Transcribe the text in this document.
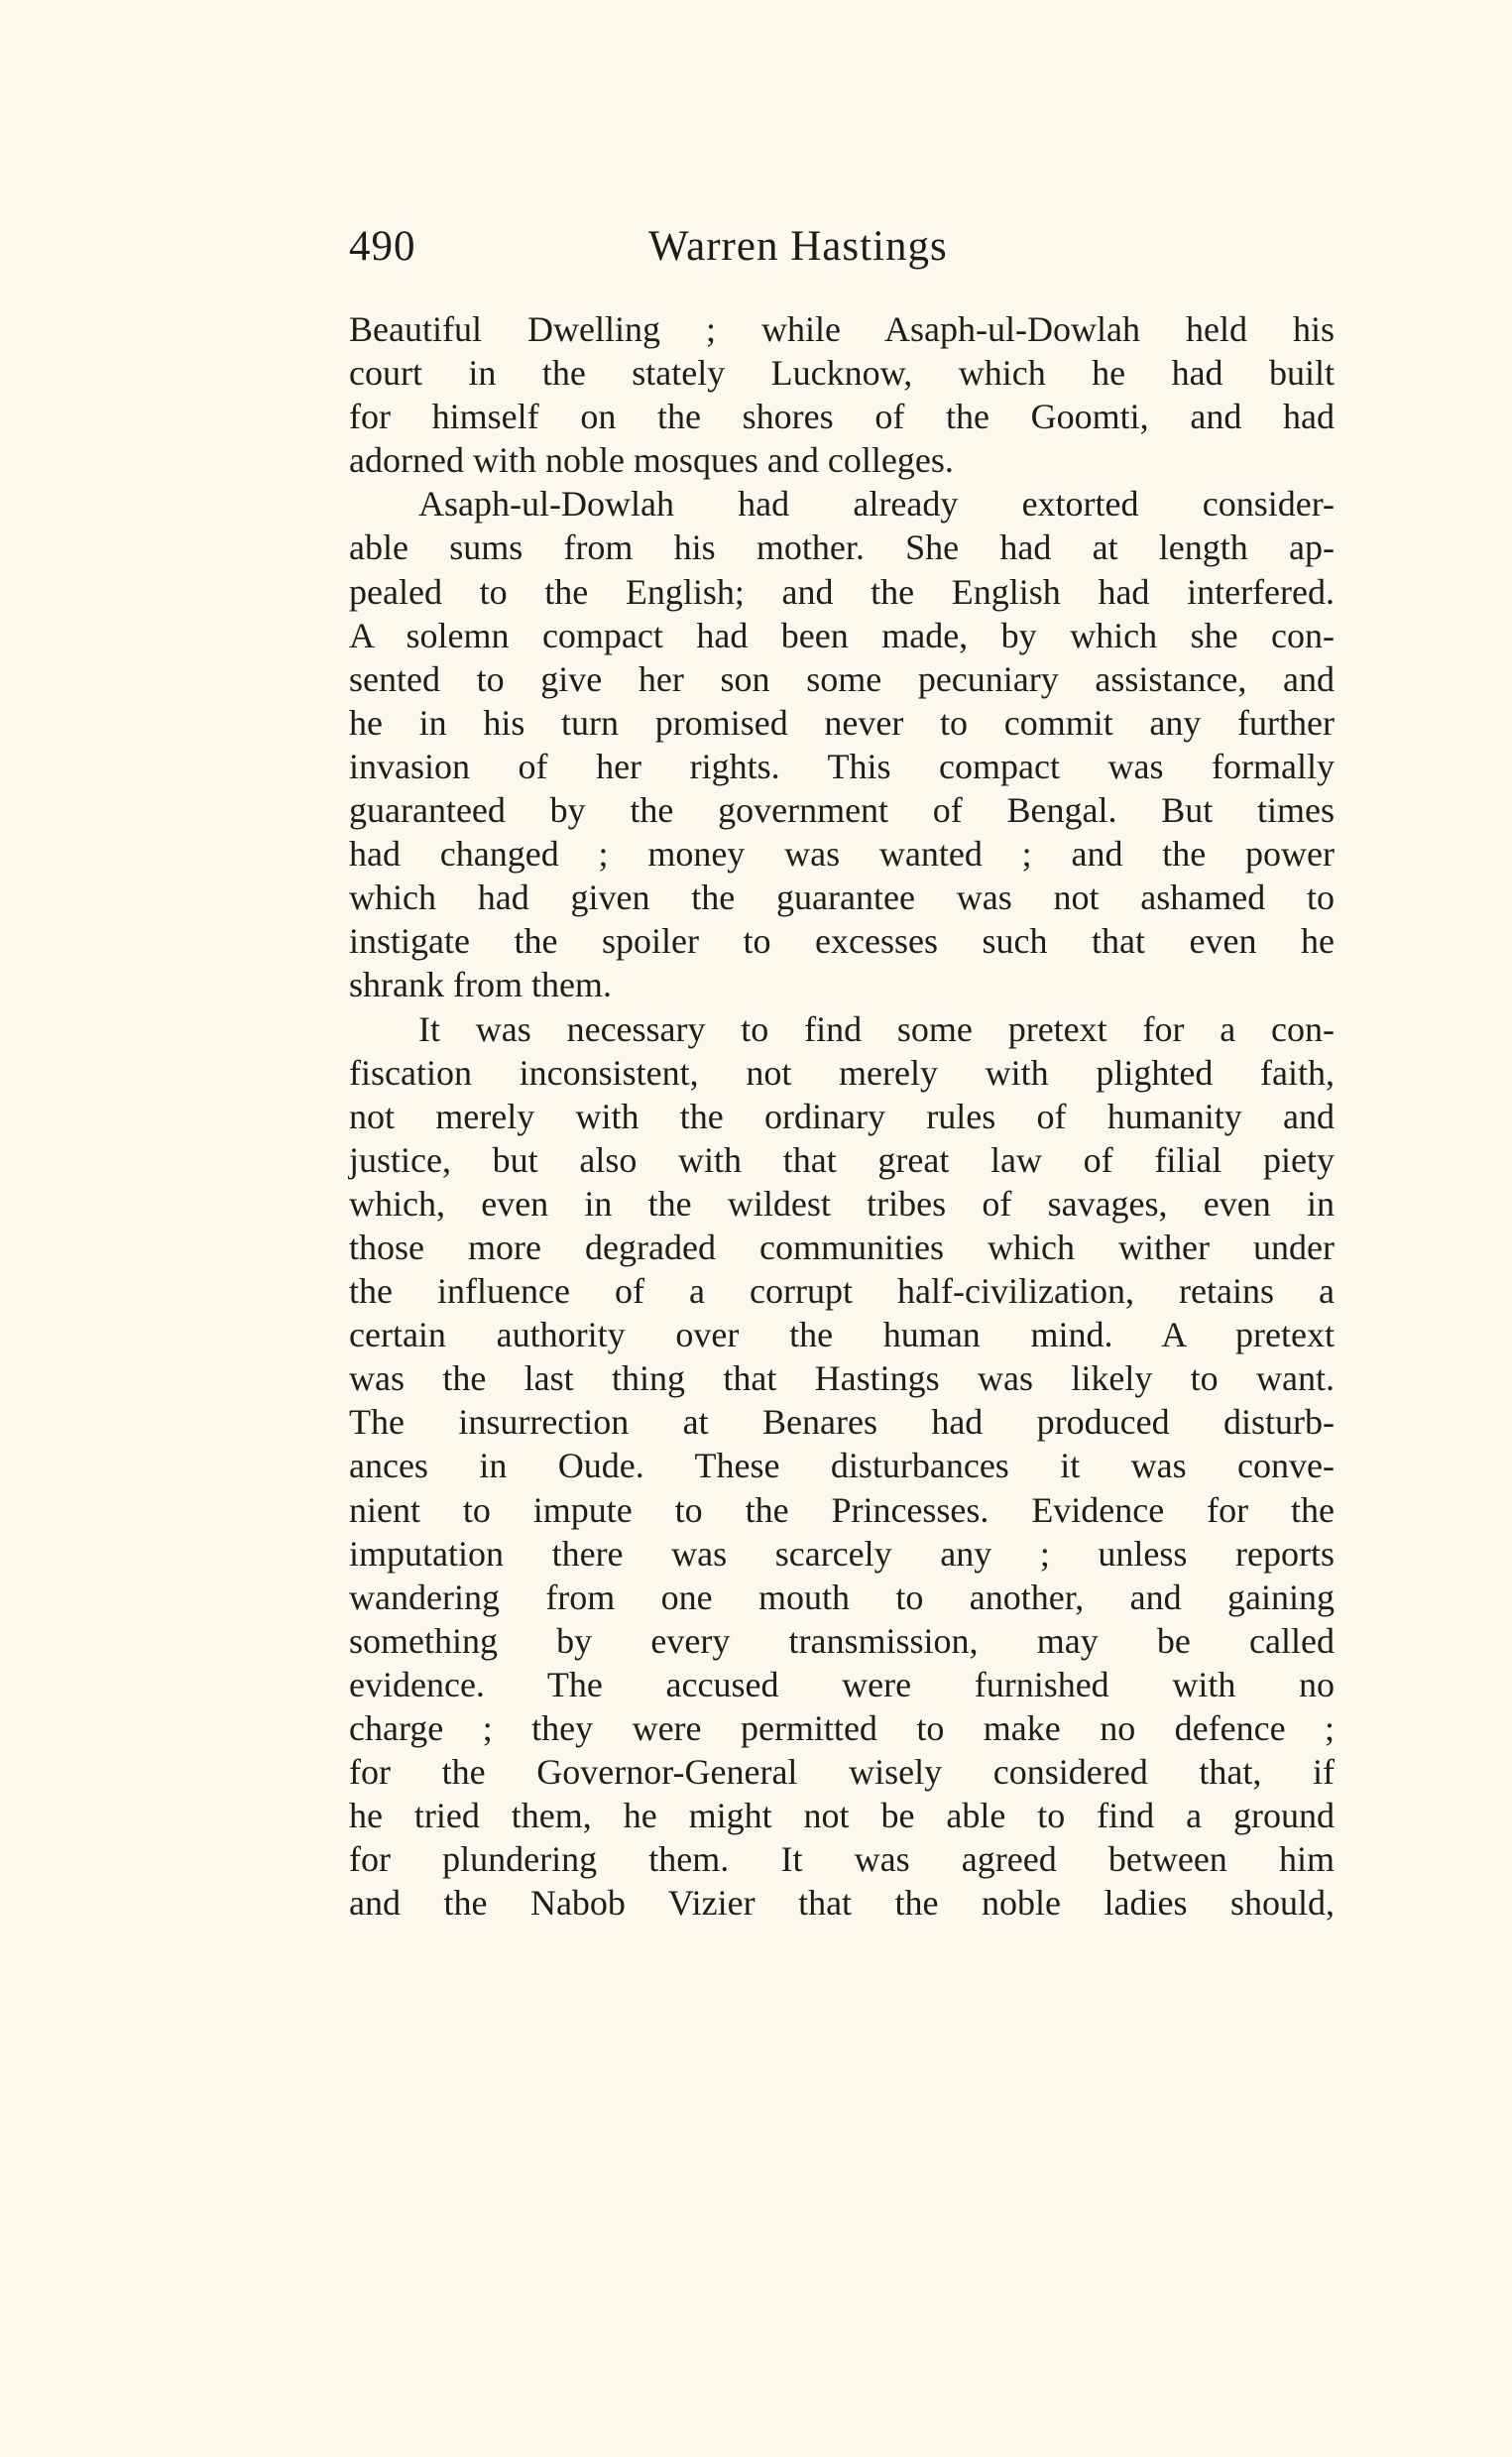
490	Warren Hastings
Beautiful Dwelling ; while Asaph-ul-Dowlah held his
court in the stately Lucknow, which he had built
for himself on the shores of the Goomti, and had
adorned with noble mosques and colleges.
Asaph-ul-Dowlah had already extorted consider-
able sums from his mother. She had at length ap-
pealed to the English; and the English had interfered.
A solemn compact had been made, by which she con-
sented to give her son some pecuniary assistance, and
he in his turn promised never to commit any further
invasion of her rights. This compact was formally
guaranteed by the government of Bengal. But times
had changed ; money was wanted ; and the power
which had given the guarantee was not ashamed to
instigate the spoiler to excesses such that even he
shrank from them.
It was necessary to find some pretext for a con-
fiscation inconsistent, not merely with plighted faith,
not merely with the ordinary rules of humanity and
justice, but also with that great law of filial piety
which, even in the wildest tribes of savages, even in
those more degraded communities which wither under
the influence of a corrupt half-civilization, retains a
certain authority over the human mind. A pretext
was the last thing that Hastings was likely to want.
The insurrection at Benares had produced disturb-
ances in Oude. These disturbances it was conve-
nient to impute to the Princesses. Evidence for the
imputation there was scarcely any ; unless reports
wandering from one mouth to another, and gaining
something by every transmission, may be called
evidence. The accused were furnished with no
charge ; they were permitted to make no defence ;
for the Governor-General wisely considered that, if
he tried them, he might not be able to find a ground
for plundering them. It was agreed between him
and the Nabob Vizier that the noble ladies should,
